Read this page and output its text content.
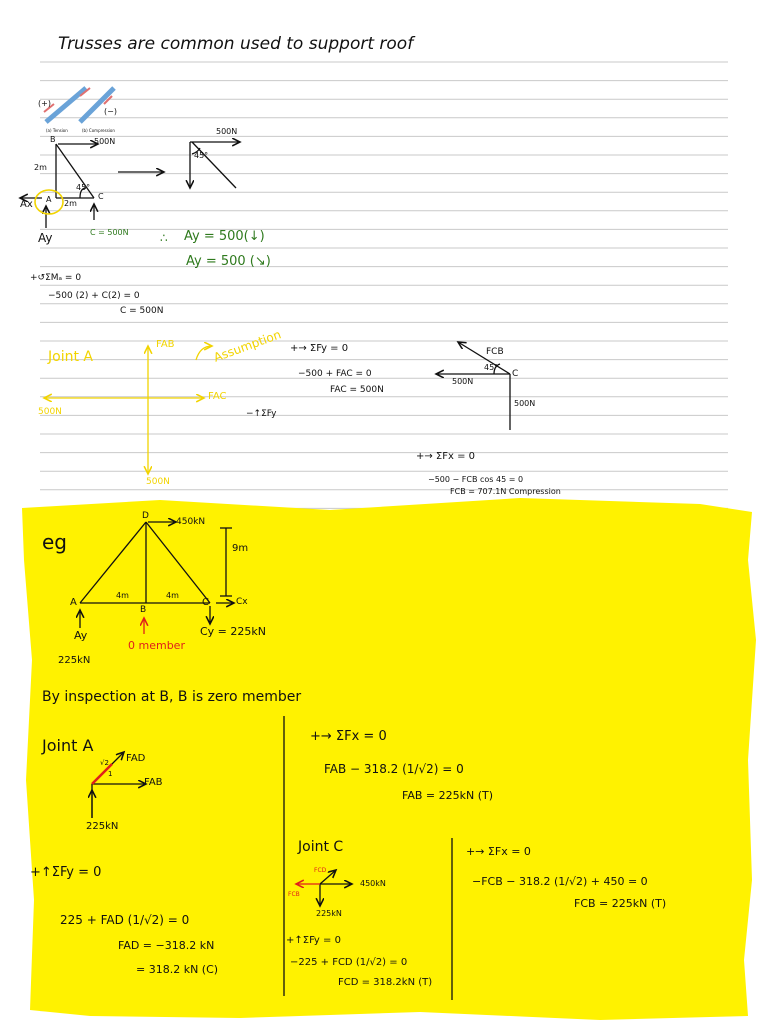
Trusses are common used to support roof
(+)
(−)
(a) Tension	(b) Compression
B	500N
2m
45°
A 2m
C
Ax
Ay	C = 500N
500N
45°
∴ Ay = 500(↓)
Ay = 500 (↘)
+↺ΣMₐ = 0
−500 (2) + C(2) = 0
C = 500N
Joint A
FAB	Assumption
FAC
500N
500N
−↑ΣFy
+→ ΣFy = 0
−500 + FAC = 0
FAC = 500N
FCB
45°
C
500N
500N
+→ ΣFx = 0
−500 − FCB cos 45 = 0
FCB = 707.1N Compression
eg
D
450kN
9m
A
4m	4m
B
C	Cx
Ay
225kN
0 member
Cy = 225kN
By inspection at B, B is zero member
Joint A
√2
1
FAD
FAB
225kN
+→ ΣFx = 0
FAB − 318.2 (1/√2) = 0
FAB = 225kN (T)
+↑ΣFy = 0
225 + FAD (1/√2) = 0
FAD = −318.2 kN
= 318.2 kN (C)
Joint C
FCD
FCB
450kN
225kN
+↑ΣFy = 0
−225 + FCD (1/√2) = 0
FCD = 318.2kN (T)
+→ ΣFx = 0
−FCB − 318.2 (1/√2) + 450 = 0
FCB = 225kN (T)
